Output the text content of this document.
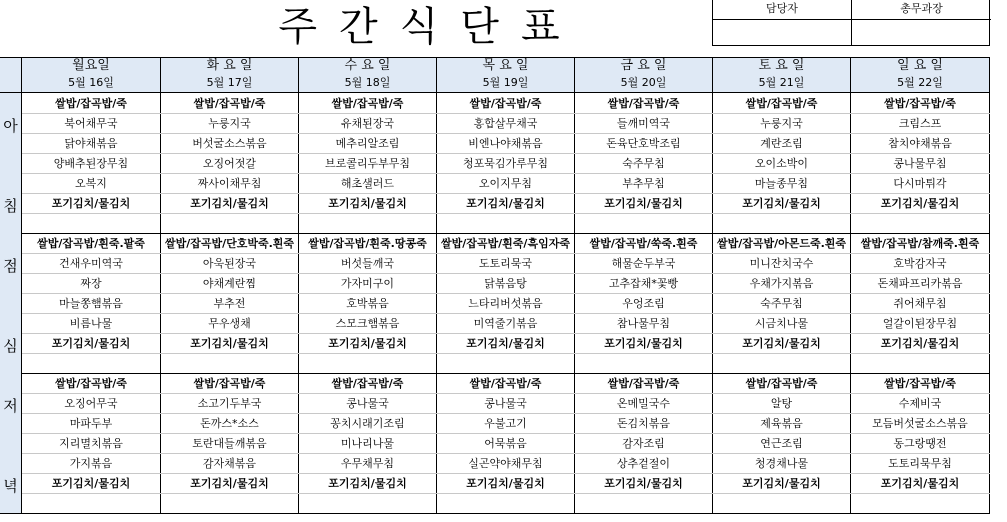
주간식단표	담당자	총무과장
월요일
5월 16일
화 요 일
5월 17일
수 요 일
5월 18일
목 요 일
5월 19일
금 요 일
5월 20일
토 요 일
5월 21일
일 요 일
5월 22일
아
침
쌀밥/잡곡밥/죽
북어채무국
닭야채볶음
양배추된장무침
오복지
포기김치/물김치
쌀밥/잡곡밥/죽
누룽지국
버섯굴소스볶음
오징어젓갈
짜사이채무침
포기김치/물김치
쌀밥/잡곡밥/죽
유채된장국
메추리알조림
브로콜리두부무침
해초샐러드
포기김치/물김치
쌀밥/잡곡밥/죽
홍합살무채국
비엔나야채볶음
청포묵김가루무침
오이지무침
포기김치/물김치
쌀밥/잡곡밥/죽
들깨미역국
돈육단호박조림
숙주무침
부추무침
포기김치/물김치
쌀밥/잡곡밥/죽
누룽지국
계란조림
오이소박이
마늘종무침
포기김치/물김치
쌀밥/잡곡밥/죽
크림스프
참치야채볶음
콩나물무침
다시마튀각
포기김치/물김치
점
심
쌀밥/잡곡밥/흰죽.팥죽
건새우미역국
짜장
마늘쫑햄볶음
비름나물
포기김치/물김치
쌀밥/잡곡밥/단호박죽.흰죽
아욱된장국
야채계란찜
부추전
무우생채
포기김치/물김치
쌀밥/잡곡밥/흰죽.땅콩죽
버섯들깨국
가자미구이
호박볶음
스모크햄볶음
포기김치/물김치
쌀밥/잡곡밥/흰죽/흑임자죽
도토리묵국
닭볶음탕
느타리버섯볶음
미역줄기볶음
포기김치/물김치
쌀밥/잡곡밥/쑥죽.흰죽
해물순두부국
고추잡채*꽃빵
우엉조림
참나물무침
포기김치/물김치
쌀밥/잡곡밥/아몬드죽.흰죽
미니잔치국수
우채가지볶음
숙주무침
시금치나물
포기김치/물김치
쌀밥/잡곡밥/참깨죽.흰죽
호박감자국
돈채파프리카볶음
쥐어채무침
얼갈이된장무침
포기김치/물김치
저
녁
쌀밥/잡곡밥/죽
오징어무국
마파두부
지리멸치볶음
가지볶음
포기김치/물김치
쌀밥/잡곡밥/죽
소고기두부국
돈까스*소스
토란대들깨볶음
감자채볶음
포기김치/물김치
쌀밥/잡곡밥/죽
콩나물국
꽁치시래기조림
미나리나물
우무채무침
포기김치/물김치
쌀밥/잡곡밥/죽
콩나물국
우불고기
어묵볶음
실곤약야채무침
포기김치/물김치
쌀밥/잡곡밥/죽
온메밀국수
돈김치볶음
감자조림
상추겉절이
포기김치/물김치
쌀밥/잡곡밥/죽
알탕
제육볶음
연근조림
청경채나물
포기김치/물김치
쌀밥/잡곡밥/죽
수제비국
모듬버섯굴소스볶음
동그랑땡전
도토리묵무침
포기김치/물김치
